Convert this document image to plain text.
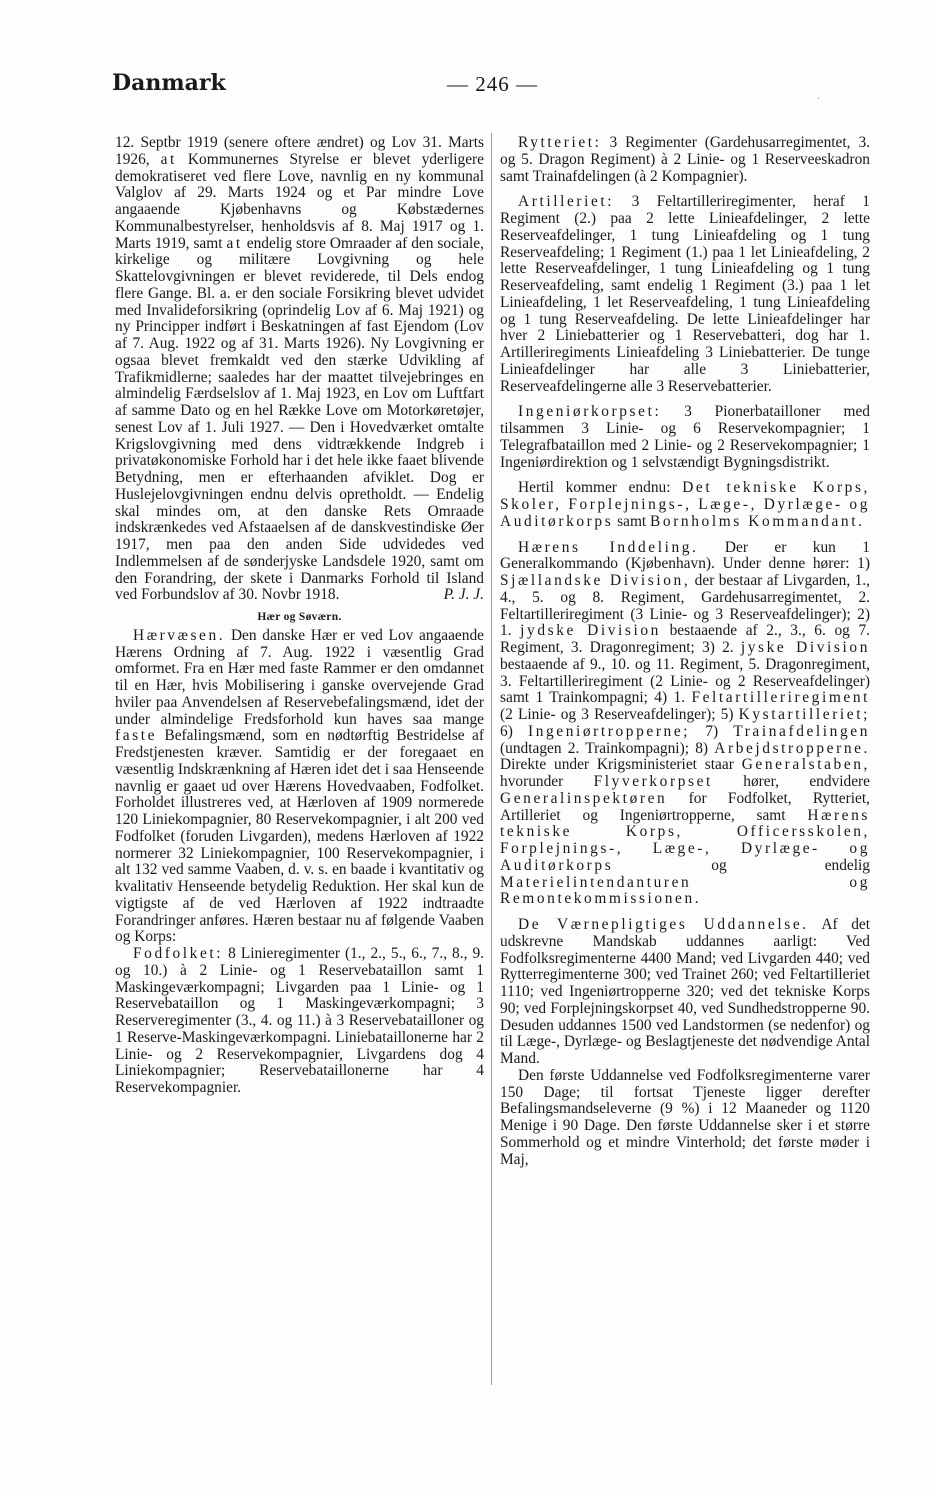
Danmark	— 246 —	.

12. Septbr 1919 (senere oftere ændret) og Lov 31. Marts 1926, at Kommunernes Styrelse er blevet yderligere demokratiseret ved flere Love, navnlig en ny kommunal Valglov af 29. Marts 1924 og et Par mindre Love angaaende Kjøbenhavns og Købstædernes Kommunalbestyrelser, henholdsvis af 8. Maj 1917 og 1. Marts 1919, samt at endelig store Omraader af den sociale, kirkelige og militære Lovgivning og hele Skattelovgivningen er blevet reviderede, til Dels endog flere Gange. Bl. a. er den sociale Forsikring blevet udvidet med Invalideforsikring (oprindelig Lov af 6. Maj 1921) og ny Principper indført i Beskatningen af fast Ejendom (Lov af 7. Aug. 1922 og af 31. Marts 1926). Ny Lovgivning er ogsaa blevet fremkaldt ved den stærke Udvikling af Trafikmidlerne; saaledes har der maattet tilvejebringes en almindelig Færdselslov af 1. Maj 1923, en Lov om Luftfart af samme Dato og en hel Række Love om Motorkøretøjer, senest Lov af 1. Juli 1927. — Den i Hovedværket omtalte Krigslovgivning med dens vidtrækkende Indgreb i privatøkonomiske Forhold har i det hele ikke faaet blivende Betydning, men er efterhaanden afviklet. Dog er Huslejelovgivningen endnu delvis opretholdt. — Endelig skal mindes om, at den danske Rets Omraade indskrænkedes ved Afstaaelsen af de danskvestindiske Øer 1917, men paa den anden Side udvidedes ved Indlemmelsen af de sønderjyske Landsdele 1920, samt om den Forandring, der skete i Danmarks Forhold til Island ved Forbundslov af 30. Novbr 1918.	P. J. J.

Hær og Søværn.

Hærvæsen. Den danske Hær er ved Lov angaaende Hærens Ordning af 7. Aug. 1922 i væsentlig Grad omformet. Fra en Hær med faste Rammer er den omdannet til en Hær, hvis Mobilisering i ganske overvejende Grad hviler paa Anvendelsen af Reservebefalingsmænd, idet der under almindelige Fredsforhold kun haves saa mange faste Befalingsmænd, som en nødtørftig Bestridelse af Fredstjenesten kræver. Samtidig er der foregaaet en væsentlig Indskrænkning af Hæren idet det i saa Henseende navnlig er gaaet ud over Hærens Hovedvaaben, Fodfolket. Forholdet illustreres ved, at Hærloven af 1909 normerede 120 Liniekompagnier, 80 Reservekompagnier, i alt 200 ved Fodfolket (foruden Livgarden), medens Hærloven af 1922 normerer 32 Liniekompagnier, 100 Reservekompagnier, i alt 132 ved samme Vaaben, d. v. s. en baade i kvantitativ og kvalitativ Henseende betydelig Reduktion. Her skal kun de vigtigste af de ved Hærloven af 1922 indtraadte Forandringer anføres. Hæren bestaar nu af følgende Vaaben og Korps:

Fodfolket: 8 Linieregimenter (1., 2., 5., 6., 7., 8., 9. og 10.) à 2 Linie- og 1 Reservebataillon samt 1 Maskingeværkompagni; Livgarden paa 1 Linie- og 1 Reservebataillon og 1 Maskingeværkompagni; 3 Reserveregimenter (3., 4. og 11.) à 3 Reservebatailloner og 1 Reserve-Maskingeværkompagni. Liniebataillonerne har 2 Linie- og 2 Reservekompagnier, Livgardens dog 4 Liniekompagnier; Reservebataillonerne har 4 Reservekompagnier.

Rytteriet: 3 Regimenter (Gardehusarregimentet, 3. og 5. Dragon Regiment) à 2 Linie- og 1 Reserveeskadron samt Trainafdelingen (à 2 Kompagnier).

Artilleriet: 3 Feltartilleriregimenter, heraf 1 Regiment (2.) paa 2 lette Linieafdelinger, 2 lette Reserveafdelinger, 1 tung Linieafdeling og 1 tung Reserveafdeling; 1 Regiment (1.) paa 1 let Linieafdeling, 2 lette Reserveafdelinger, 1 tung Linieafdeling og 1 tung Reserveafdeling, samt endelig 1 Regiment (3.) paa 1 let Linieafdeling, 1 let Reserveafdeling, 1 tung Linieafdeling og 1 tung Reserveafdeling. De lette Linieafdelinger har hver 2 Liniebatterier og 1 Reservebatteri, dog har 1. Artilleriregiments Linieafdeling 3 Liniebatterier. De tunge Linieafdelinger har alle 3 Liniebatterier, Reserveafdelingerne alle 3 Reservebatterier.

Ingeniørkorpset: 3 Pionerbatailloner med tilsammen 3 Linie- og 6 Reservekompagnier; 1 Telegrafbataillon med 2 Linie- og 2 Reservekompagnier; 1 Ingeniørdirektion og 1 selvstændigt Bygningsdistrikt.

Hertil kommer endnu: Det tekniske Korps, Skoler, Forplejnings-, Læge-, Dyrlæge- og Auditørkorps samt Bornholms Kommandant.

Hærens Inddeling. Der er kun 1 Generalkommando (Kjøbenhavn). Under denne hører: 1) Sjællandske Division, der bestaar af Livgarden, 1., 4., 5. og 8. Regiment, Gardehusarregimentet, 2. Feltartilleriregiment (3 Linie- og 3 Reserveafdelinger); 2) 1. jydske Division bestaaende af 2., 3., 6. og 7. Regiment, 3. Dragonregiment; 3) 2. jyske Division bestaaende af 9., 10. og 11. Regiment, 5. Dragonregiment, 3. Feltartilleriregiment (2 Linie- og 2 Reserveafdelinger) samt 1 Trainkompagni; 4) 1. Feltartilleriregiment (2 Linie- og 3 Reserveafdelinger); 5) Kystartilleriet; 6) Ingeniørtropperne; 7) Trainafdelingen (undtagen 2. Trainkompagni); 8) Arbejdstropperne. Direkte under Krigsministeriet staar Generalstaben, hvorunder Flyverkorpset hører, endvidere Generalinspektøren for Fodfolket, Rytteriet, Artilleriet og Ingeniørtropperne, samt Hærens tekniske Korps, Officersskolen, Forplejnings-, Læge-, Dyrlæge- og Auditørkorps og endelig Materielintendanturen og Remontekommissionen.

De Værnepligtiges Uddannelse. Af det udskrevne Mandskab uddannes aarligt: Ved Fodfolksregimenterne 4400 Mand; ved Livgarden 440; ved Rytterregimenterne 300; ved Trainet 260; ved Feltartilleriet 1110; ved Ingeniørtropperne 320; ved det tekniske Korps 90; ved Forplejningskorpset 40, ved Sundhedstropperne 90. Desuden uddannes 1500 ved Landstormen (se nedenfor) og til Læge-, Dyrlæge- og Beslagtjeneste det nødvendige Antal Mand.

Den første Uddannelse ved Fodfolksregimenterne varer 150 Dage; til fortsat Tjeneste ligger derefter Befalingsmandseleverne (9 %) i 12 Maaneder og 1120 Menige i 90 Dage. Den første Uddannelse sker i et større Sommerhold og et mindre Vinterhold; det første møder i Maj,
